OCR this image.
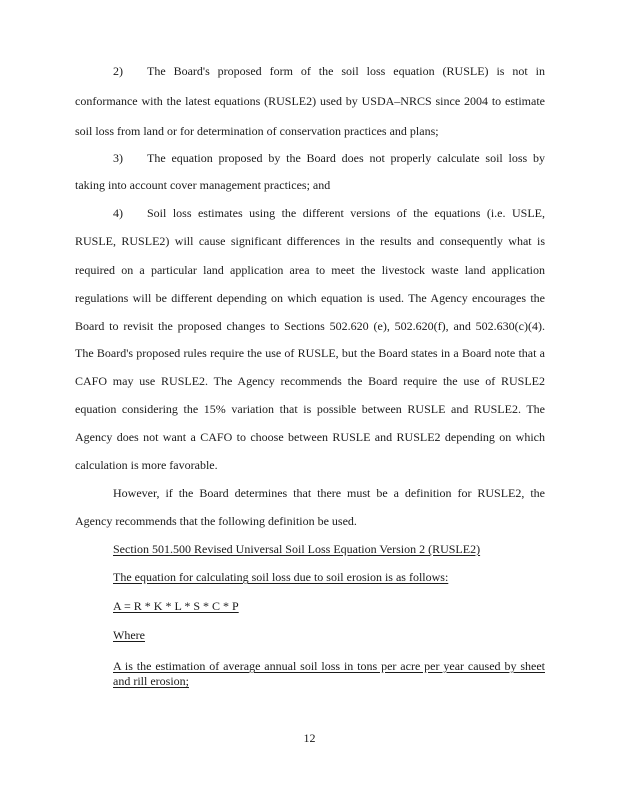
2) The Board's proposed form of the soil loss equation (RUSLE) is not in
conformance with the latest equations (RUSLE2) used by USDA–NRCS since 2004 to estimate
soil loss from land or for determination of conservation practices and plans;
3) The equation proposed by the Board does not properly calculate soil loss by
taking into account cover management practices; and
4) Soil loss estimates using the different versions of the equations (i.e. USLE,
RUSLE, RUSLE2) will cause significant differences in the results and consequently what is
required on a particular land application area to meet the livestock waste land application
regulations will be different depending on which equation is used. The Agency encourages the
Board to revisit the proposed changes to Sections 502.620 (e), 502.620(f), and 502.630(c)(4).
The Board's proposed rules require the use of RUSLE, but the Board states in a Board note that a
CAFO may use RUSLE2. The Agency recommends the Board require the use of RUSLE2
equation considering the 15% variation that is possible between RUSLE and RUSLE2. The
Agency does not want a CAFO to choose between RUSLE and RUSLE2 depending on which
calculation is more favorable.
However, if the Board determines that there must be a definition for RUSLE2, the
Agency recommends that the following definition be used.
Section 501.500 Revised Universal Soil Loss Equation Version 2 (RUSLE2)
The equation for calculating soil loss due to soil erosion is as follows:
A = R * K * L * S * C * P
Where
A is the estimation of average annual soil loss in tons per acre per year caused by sheet
and rill erosion;
12
